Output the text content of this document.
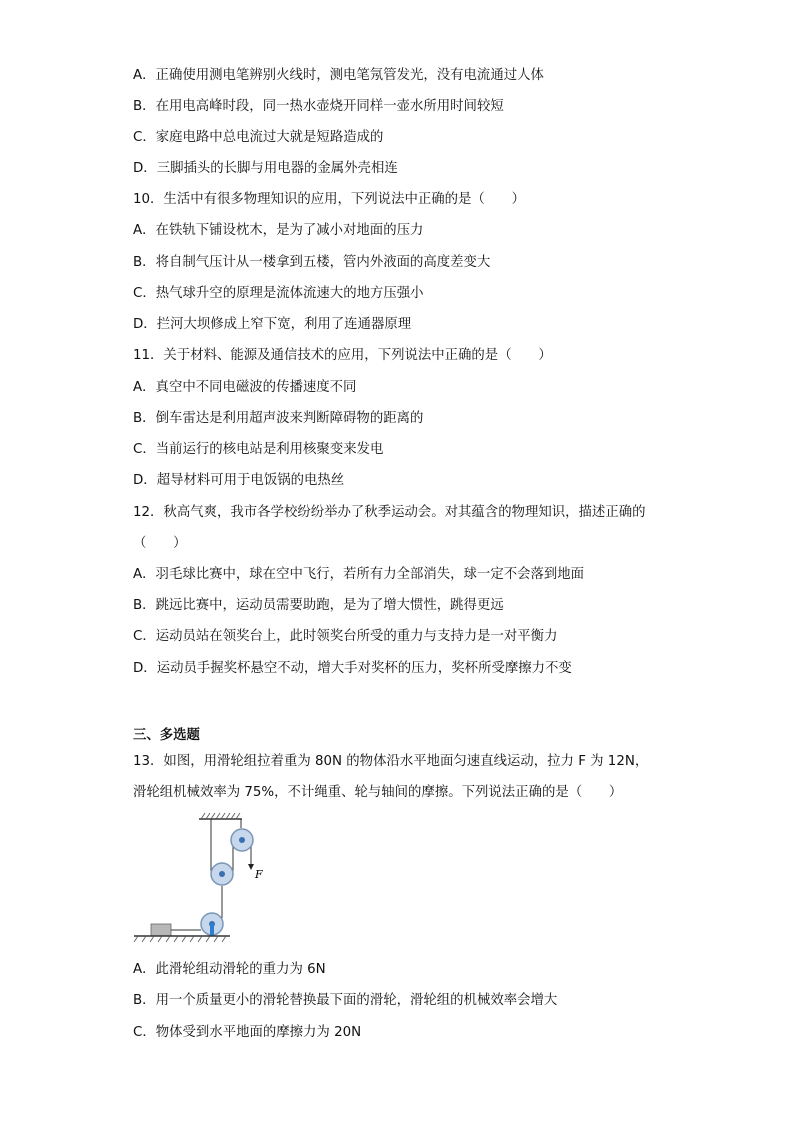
A．正确使用测电笔辨别火线时，测电笔氖管发光，没有电流通过人体
B．在用电高峰时段，同一热水壶烧开同样一壶水所用时间较短
C．家庭电路中总电流过大就是短路造成的
D．三脚插头的长脚与用电器的金属外壳相连
10．生活中有很多物理知识的应用，下列说法中正确的是（　　）
A．在铁轨下铺设枕木，是为了减小对地面的压力
B．将自制气压计从一楼拿到五楼，管内外液面的高度差变大
C．热气球升空的原理是流体流速大的地方压强小
D．拦河大坝修成上窄下宽，利用了连通器原理
11．关于材料、能源及通信技术的应用，下列说法中正确的是（　　）
A．真空中不同电磁波的传播速度不同
B．倒车雷达是利用超声波来判断障碍物的距离的
C．当前运行的核电站是利用核聚变来发电
D．超导材料可用于电饭锅的电热丝
12．秋高气爽，我市各学校纷纷举办了秋季运动会。对其蕴含的物理知识，描述正确的
（　　）
A．羽毛球比赛中，球在空中飞行，若所有力全部消失，球一定不会落到地面
B．跳远比赛中，运动员需要助跑，是为了增大惯性，跳得更远
C．运动员站在领奖台上，此时领奖台所受的重力与支持力是一对平衡力
D．运动员手握奖杯悬空不动，增大手对奖杯的压力，奖杯所受摩擦力不变
三、多选题
13．如图，用滑轮组拉着重为 80N 的物体沿水平地面匀速直线运动，拉力 F 为 12N，
滑轮组机械效率为 75%，不计绳重、轮与轴间的摩擦。下列说法正确的是（　　）
F
A．此滑轮组动滑轮的重力为 6N
B．用一个质量更小的滑轮替换最下面的滑轮，滑轮组的机械效率会增大
C．物体受到水平地面的摩擦力为 20N
